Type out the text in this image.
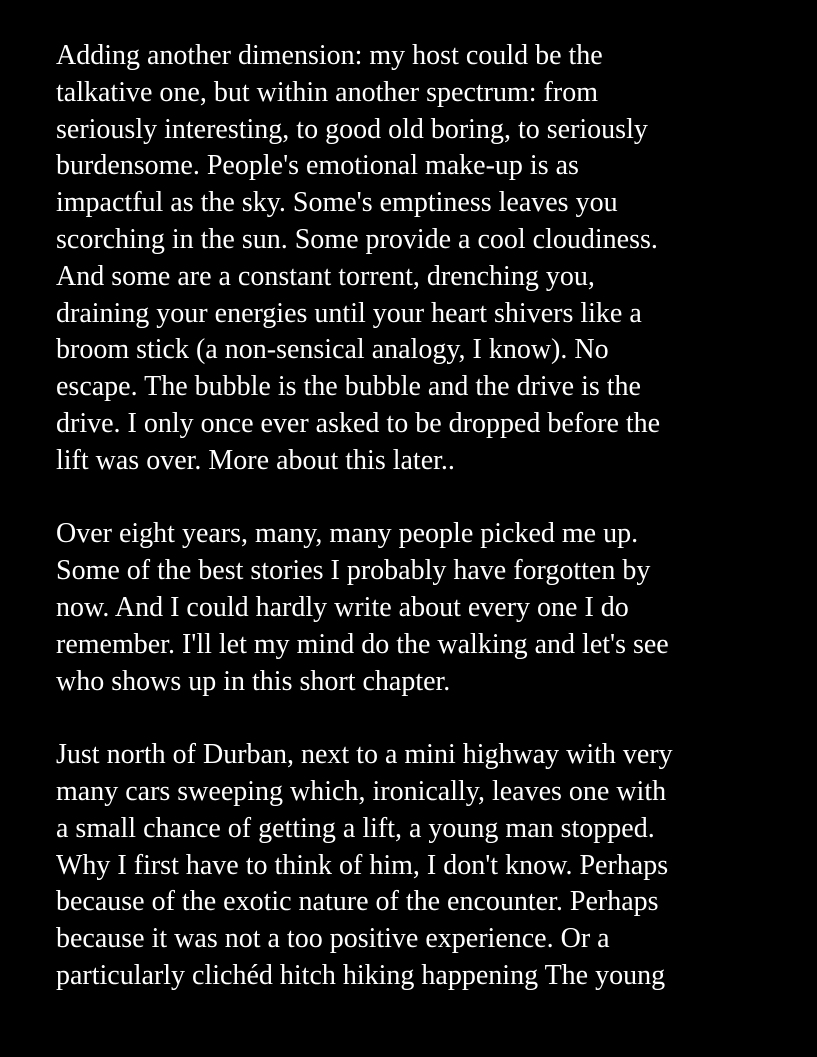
Adding another dimension: my host could be the
talkative one, but within another spectrum: from
seriously interesting, to good old boring, to seriously
burdensome. People's emotional make-up is as
impactful as the sky. Some's emptiness leaves you
scorching in the sun. Some provide a cool cloudiness.
And some are a constant torrent, drenching you,
draining your energies until your heart shivers like a
broom stick (a non-sensical analogy, I know). No
escape. The bubble is the bubble and the drive is the
drive. I only once ever asked to be dropped before the
lift was over. More about this later..
Over eight years, many, many people picked me up.
Some of the best stories I probably have forgotten by
now. And I could hardly write about every one I do
remember. I'll let my mind do the walking and let's see
who shows up in this short chapter.
Just north of Durban, next to a mini highway with very
many cars sweeping which, ironically, leaves one with
a small chance of getting a lift, a young man stopped.
Why I first have to think of him, I don't know. Perhaps
because of the exotic nature of the encounter. Perhaps
because it was not a too positive experience. Or a
particularly clichéd hitch hiking happening The young
